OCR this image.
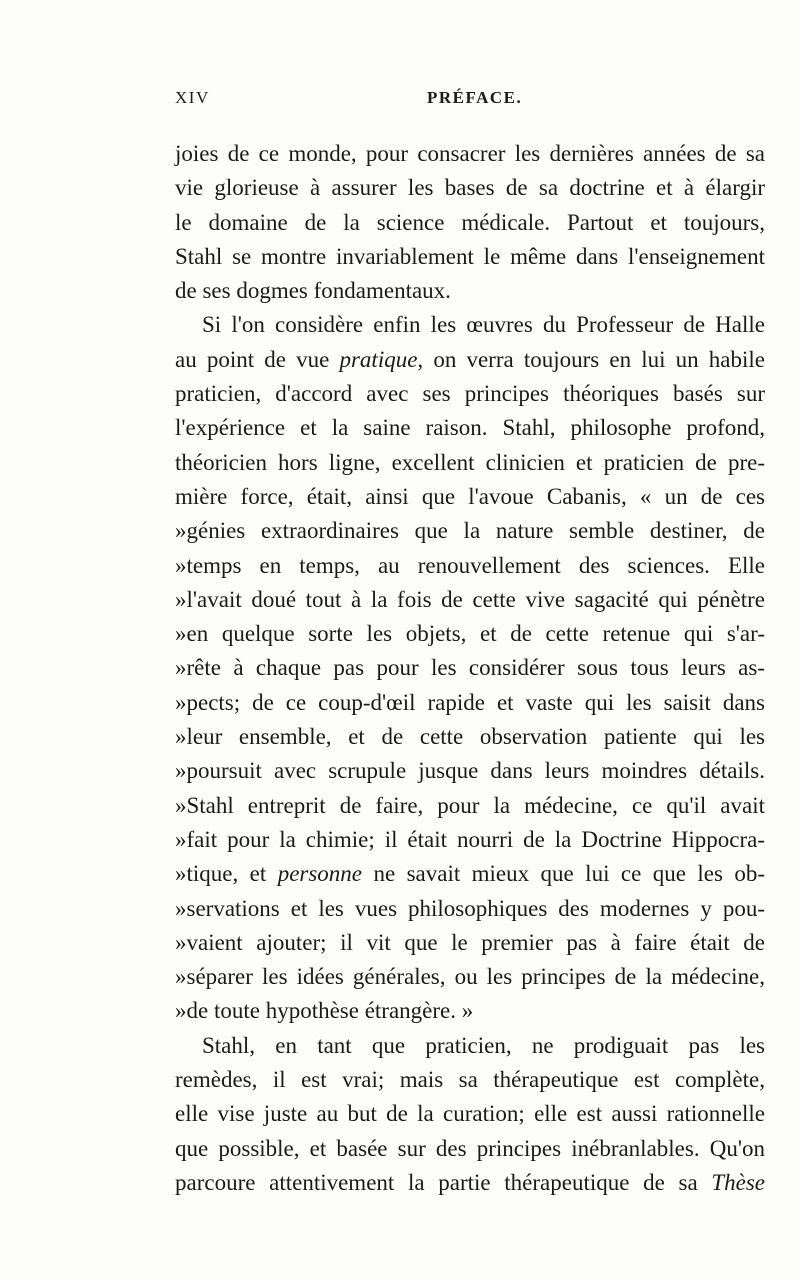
XIV	PRÉFACE.
joies de ce monde, pour consacrer les dernières années de sa
vie glorieuse à assurer les bases de sa doctrine et à élargir
le domaine de la science médicale. Partout et toujours,
Stahl se montre invariablement le même dans l'enseignement
de ses dogmes fondamentaux.
Si l'on considère enfin les œuvres du Professeur de Halle
au point de vue pratique, on verra toujours en lui un habile
praticien, d'accord avec ses principes théoriques basés sur
l'expérience et la saine raison. Stahl, philosophe profond,
théoricien hors ligne, excellent clinicien et praticien de pre-
mière force, était, ainsi que l'avoue Cabanis, « un de ces
»génies extraordinaires que la nature semble destiner, de
»temps en temps, au renouvellement des sciences. Elle
»l'avait doué tout à la fois de cette vive sagacité qui pénètre
»en quelque sorte les objets, et de cette retenue qui s'ar-
»rête à chaque pas pour les considérer sous tous leurs as-
»pects; de ce coup-d'œil rapide et vaste qui les saisit dans
»leur ensemble, et de cette observation patiente qui les
»poursuit avec scrupule jusque dans leurs moindres détails.
»Stahl entreprit de faire, pour la médecine, ce qu'il avait
»fait pour la chimie; il était nourri de la Doctrine Hippocra-
»tique, et personne ne savait mieux que lui ce que les ob-
»servations et les vues philosophiques des modernes y pou-
»vaient ajouter; il vit que le premier pas à faire était de
»séparer les idées générales, ou les principes de la médecine,
»de toute hypothèse étrangère. »
Stahl, en tant que praticien, ne prodiguait pas les
remèdes, il est vrai; mais sa thérapeutique est complète,
elle vise juste au but de la curation; elle est aussi rationnelle
que possible, et basée sur des principes inébranlables. Qu'on
parcoure attentivement la partie thérapeutique de sa Thèse
